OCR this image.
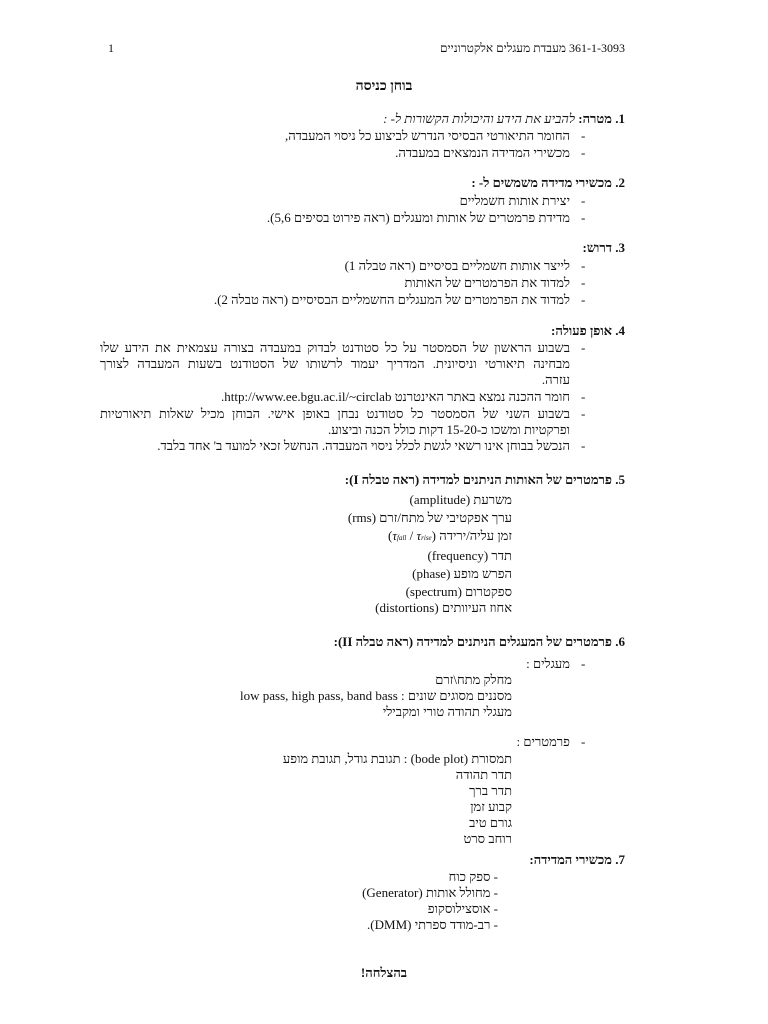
1	361-1-3093 מעבדת מעגלים אלקטרוניים
בוחן כניסה
1. מטרה: להביע את הידע והיכולות הקשורות ל- :
-
החומר התיאורטי הבסיסי הנדרש לביצוע כל ניסוי המעבדה,
-
מכשירי המדידה הנמצאים במעבדה.
2. מכשירי מדידה משמשים ל- :
-
יצירת אותות חשמליים
-
מדידת פרמטרים של אותות ומעגלים (ראה פירוט בסיפים 5,6).
3. דרוש:
-
לייצר אותות חשמליים בסיסיים (ראה טבלה 1)
-
למדוד את הפרמטרים של האותות
-
למדוד את הפרמטרים של המעגלים החשמליים הבסיסיים (ראה טבלה 2).
4. אופן פעולה:
-
בשבוע הראשון של הסמסטר על כל סטודנט לבדוק במעבדה בצורה עצמאית את הידע שלו
מבחינה תיאורטי וניסיונית. המדריך יעמוד לרשותו של הסטודנט בשעות המעבדה לצורך
עזרה.
-
חומר ההכנה נמצא באתר האינטרנט http://www.ee.bgu.ac.il/~circlab.
-
בשבוע השני של הסמסטר כל סטודנט נבחן באופן אישי. הבוחן מכיל שאלות תיאורטיות
ופרקטיות ומשכו כ-15-20 דקות כולל הכנה וביצוע.
-
הנכשל בבוחן אינו רשאי לגשת לכלל ניסוי המעבדה. הנחשל זכאי למועד ב' אחד בלבד.
5. פרמטרים של האותות הניתנים למדידה (ראה טבלה I):
משרעת (amplitude)
ערך אפקטיבי של מתח/זרם (rms)
זמן עליה/ירידה (τfall / τrise)
תדר (frequency)
הפרש מופע (phase)
ספקטרום (spectrum)
אחוז העיוותים (distortions)
6. פרמטרים של המעגלים הניתנים למדידה (ראה טבלה II):
-
מעגלים :
מחלק מתח\זרם
מסננים מסוגים שונים : low pass, high pass, band bass
מעגלי תהודה טורי ומקבילי
-
פרמטרים :
תמסורת (bode plot) : תגובת גודל, תגובת מופע
תדר תהודה
תדר ברך
קבוע זמן
גורם טיב
רוחב סרט
7. מכשירי המדידה:
- ספק כוח
- מחולל אותות (Generator)
- אוסצילוסקופ
- רב-מודד ספרתי (DMM).
בהצלחה!
